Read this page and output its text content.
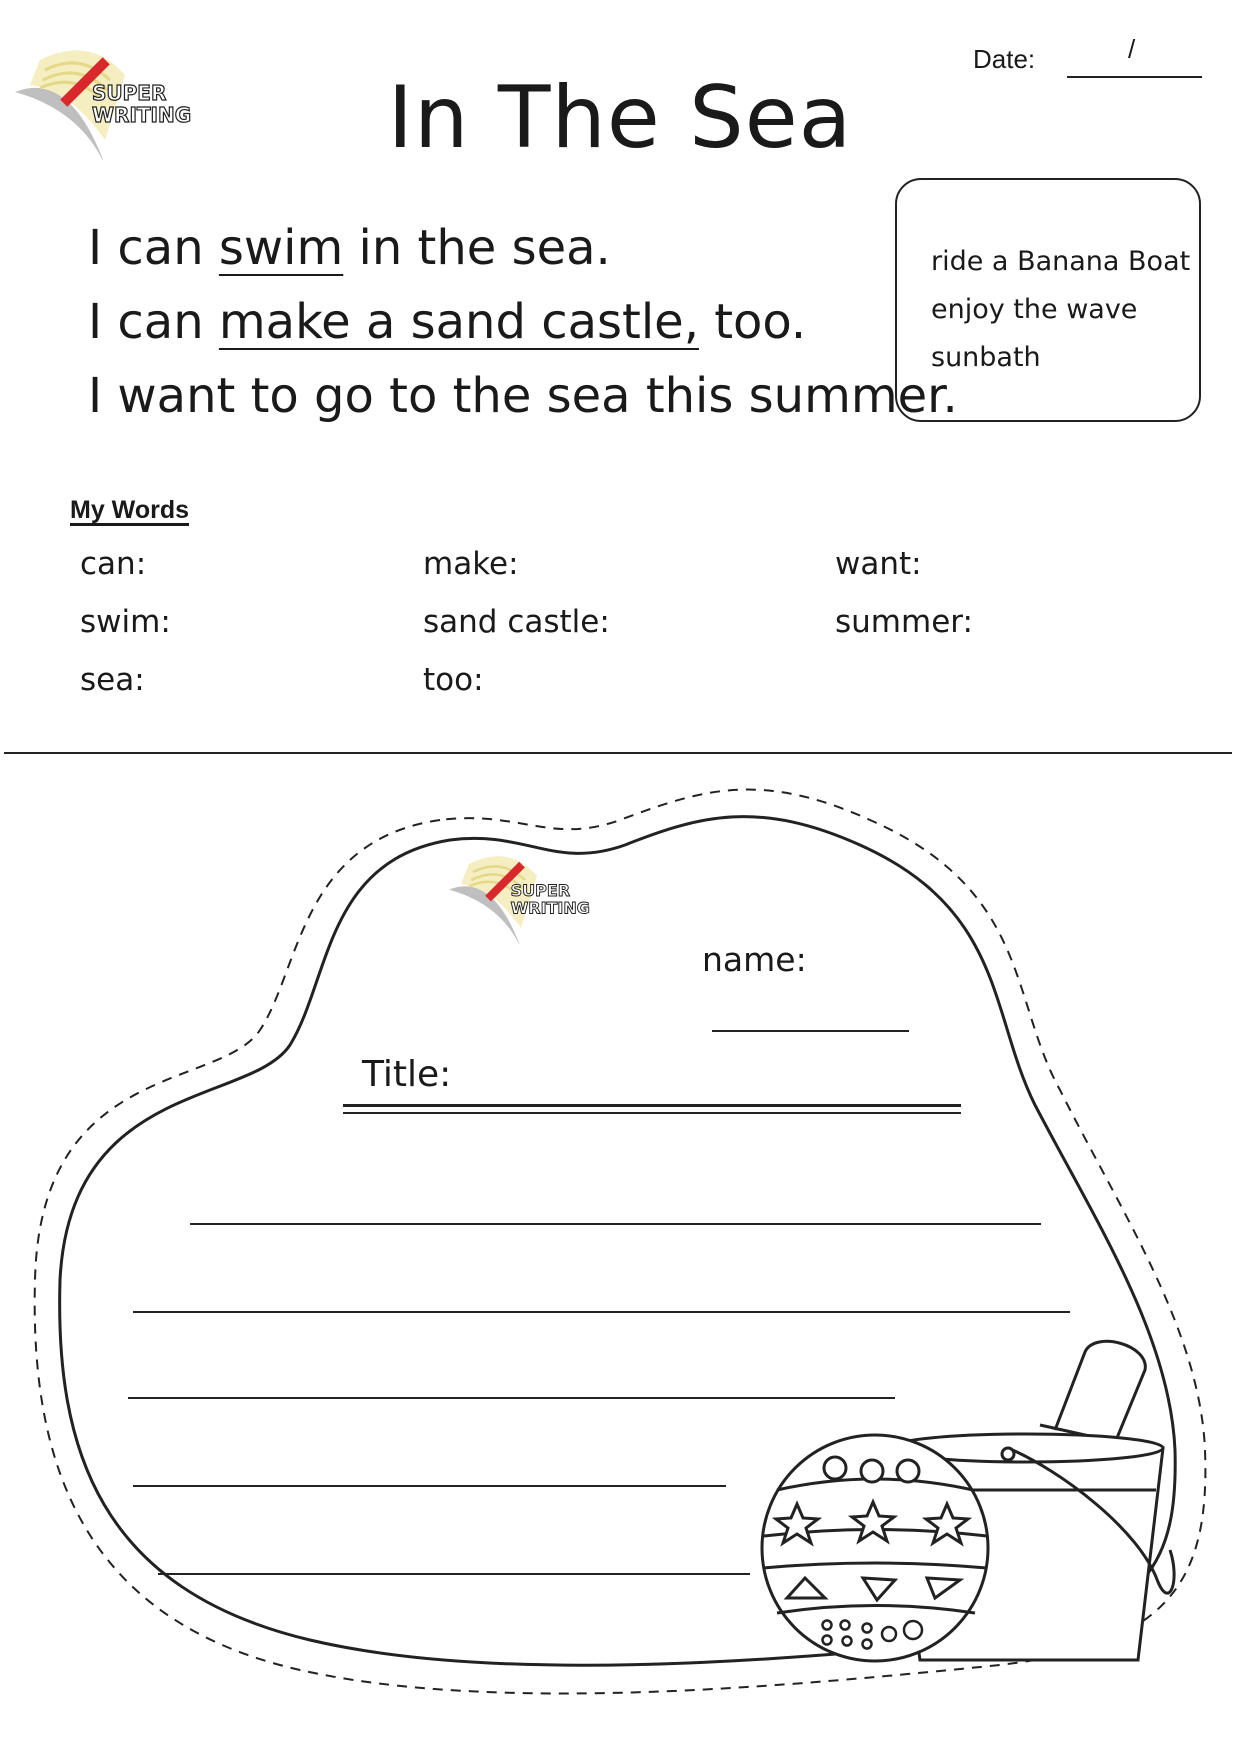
SUPER
WRITING
Date:	/
In The Sea
I can swim in the sea.
I can make a sand castle, too.
I want to go to the sea this summer.
ride a Banana Boat
enjoy the wave
sunbath
My Words
can:
swim:
sea:
make:
sand castle:
too:
want:
summer:
SUPER
WRITING
name:
Title:
